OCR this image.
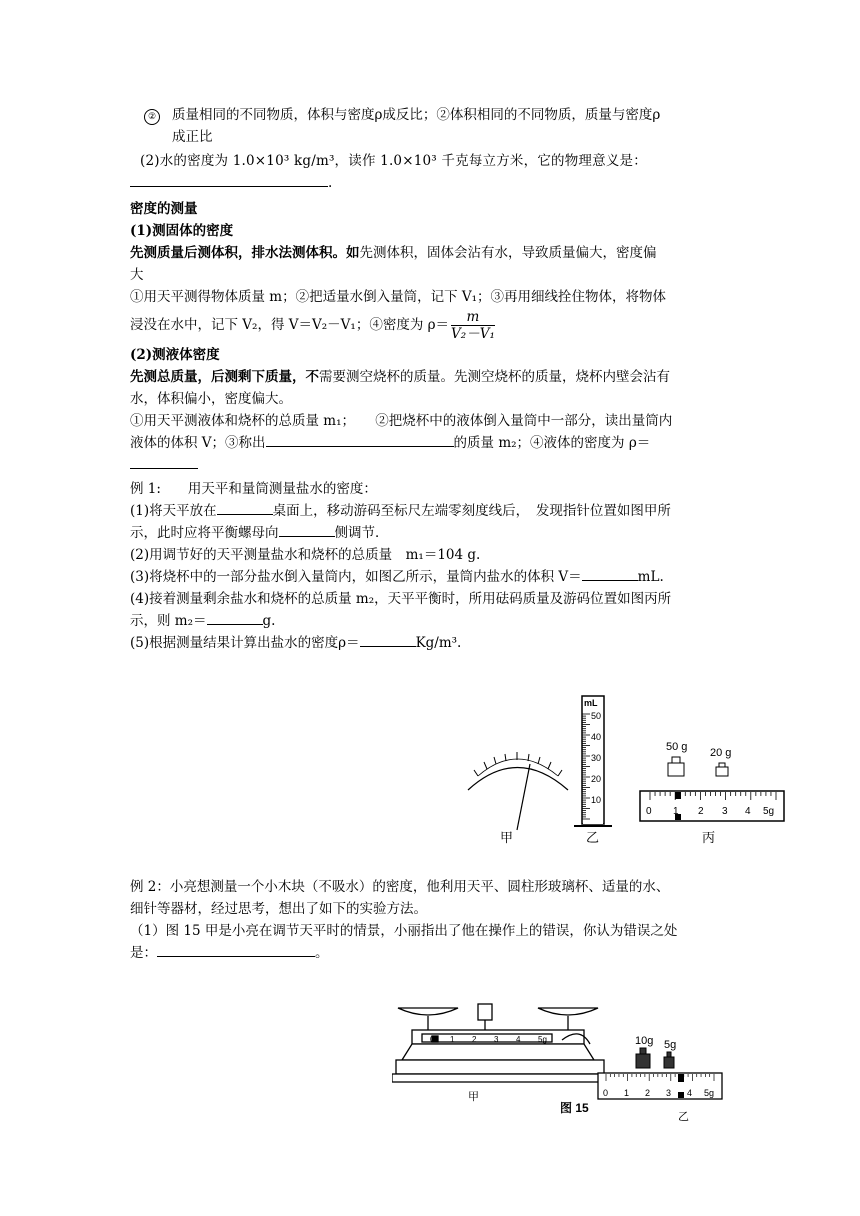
② 质量相同的不同物质，体积与密度ρ成反比；②体积相同的不同物质，质量与密度ρ

成正比

(2)水的密度为 1.0×10³ kg/m³，读作 1.0×10³ 千克每立方米，它的物理意义是：

.

密度的测量

(1)测固体的密度

先测质量后测体积，排水法测体积。如先测体积，固体会沾有水，导致质量偏大，密度偏

大

①用天平测得物体质量 m；②把适量水倒入量筒，记下 V₁；③再用细线拴住物体，将物体

浸没在水中，记下 V₂，得 V＝V₂－V₁；④密度为 $\rho= \frac{m}{\text{V₂－V₁}}$

(2)测液体密度

先测总质量，后测剩下质量，不需要测空烧杯的质量。先测空烧杯的质量，烧杯内壁会沾有

水，体积偏小，密度偏大。

①用天平测液体和烧杯的总质量 m₁；　　②把烧杯中的液体倒入量筒中一部分，读出量筒内

液体的体积 V；③称出	的质量 m₂；④液体的密度为 ρ＝

例 1:　　用天平和量筒测量盐水的密度：

(1)将天平放在	桌面上，移动游码至标尺左端零刻度线后，　发现指针位置如图甲所

示，此时应将平衡螺母向	侧调节．

(2)用调节好的天平测量盐水和烧杯的总质量　m₁＝104 g.

(3)将烧杯中的一部分盐水倒入量筒内，如图乙所示，量筒内盐水的体积 V＝	mL.

(4)接着测量剩余盐水和烧杯的总质量 m₂，天平平衡时，所用砝码质量及游码位置如图丙所

示，则 m₂＝	g.

(5)根据测量结果计算出盐水的密度ρ＝	Kg/m³.

甲
mL
50
40
30
20
10
乙
50 g 20 g
0 1 2 3 4 5g
丙

例 2：小亮想测量一个小木块（不吸水）的密度，他利用天平、圆柱形玻璃杯、适量的水、

细针等器材，经过思考，想出了如下的实验方法。

（1）图 15 甲是小亮在调节天平时的情景，小丽指出了他在操作上的错误，你认为错误之处

是：	。

0 1 2 3 4 5g
甲
10g 5g
0 1 2 3 4 5g
乙
图 15
